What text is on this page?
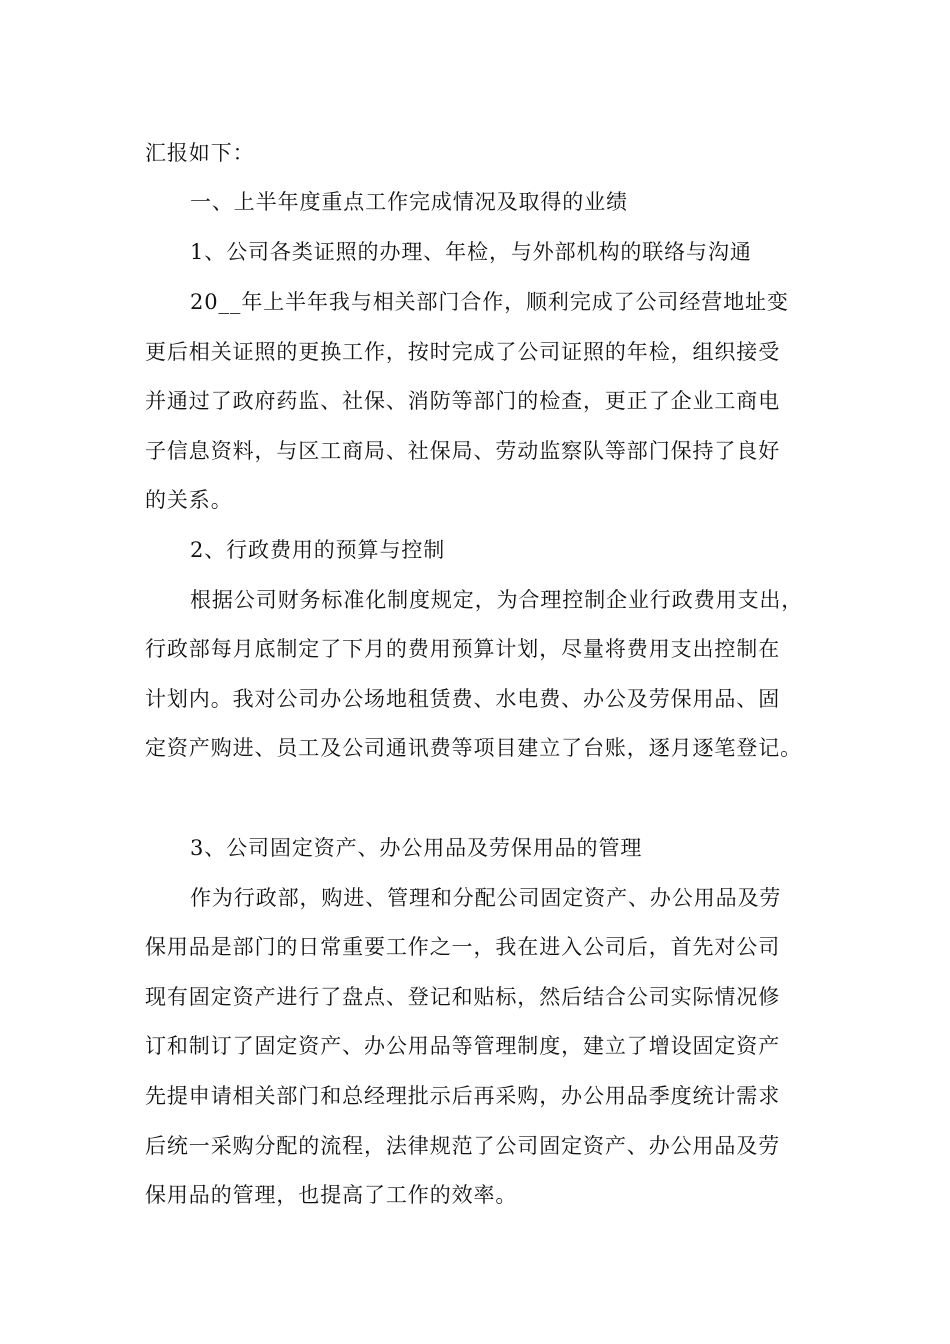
汇报如下：
一、上半年度重点工作完成情况及取得的业绩
1、公司各类证照的办理、年检，与外部机构的联络与沟通
20__年上半年我与相关部门合作，顺利完成了公司经营地址变
更后相关证照的更换工作，按时完成了公司证照的年检，组织接受
并通过了政府药监、社保、消防等部门的检查，更正了企业工商电
子信息资料，与区工商局、社保局、劳动监察队等部门保持了良好
的关系。
2、行政费用的预算与控制
根据公司财务标准化制度规定，为合理控制企业行政费用支出，
行政部每月底制定了下月的费用预算计划，尽量将费用支出控制在
计划内。我对公司办公场地租赁费、水电费、办公及劳保用品、固
定资产购进、员工及公司通讯费等项目建立了台账，逐月逐笔登记。
3、公司固定资产、办公用品及劳保用品的管理
作为行政部，购进、管理和分配公司固定资产、办公用品及劳
保用品是部门的日常重要工作之一，我在进入公司后，首先对公司
现有固定资产进行了盘点、登记和贴标，然后结合公司实际情况修
订和制订了固定资产、办公用品等管理制度，建立了增设固定资产
先提申请相关部门和总经理批示后再采购，办公用品季度统计需求
后统一采购分配的流程，法律规范了公司固定资产、办公用品及劳
保用品的管理，也提高了工作的效率。
